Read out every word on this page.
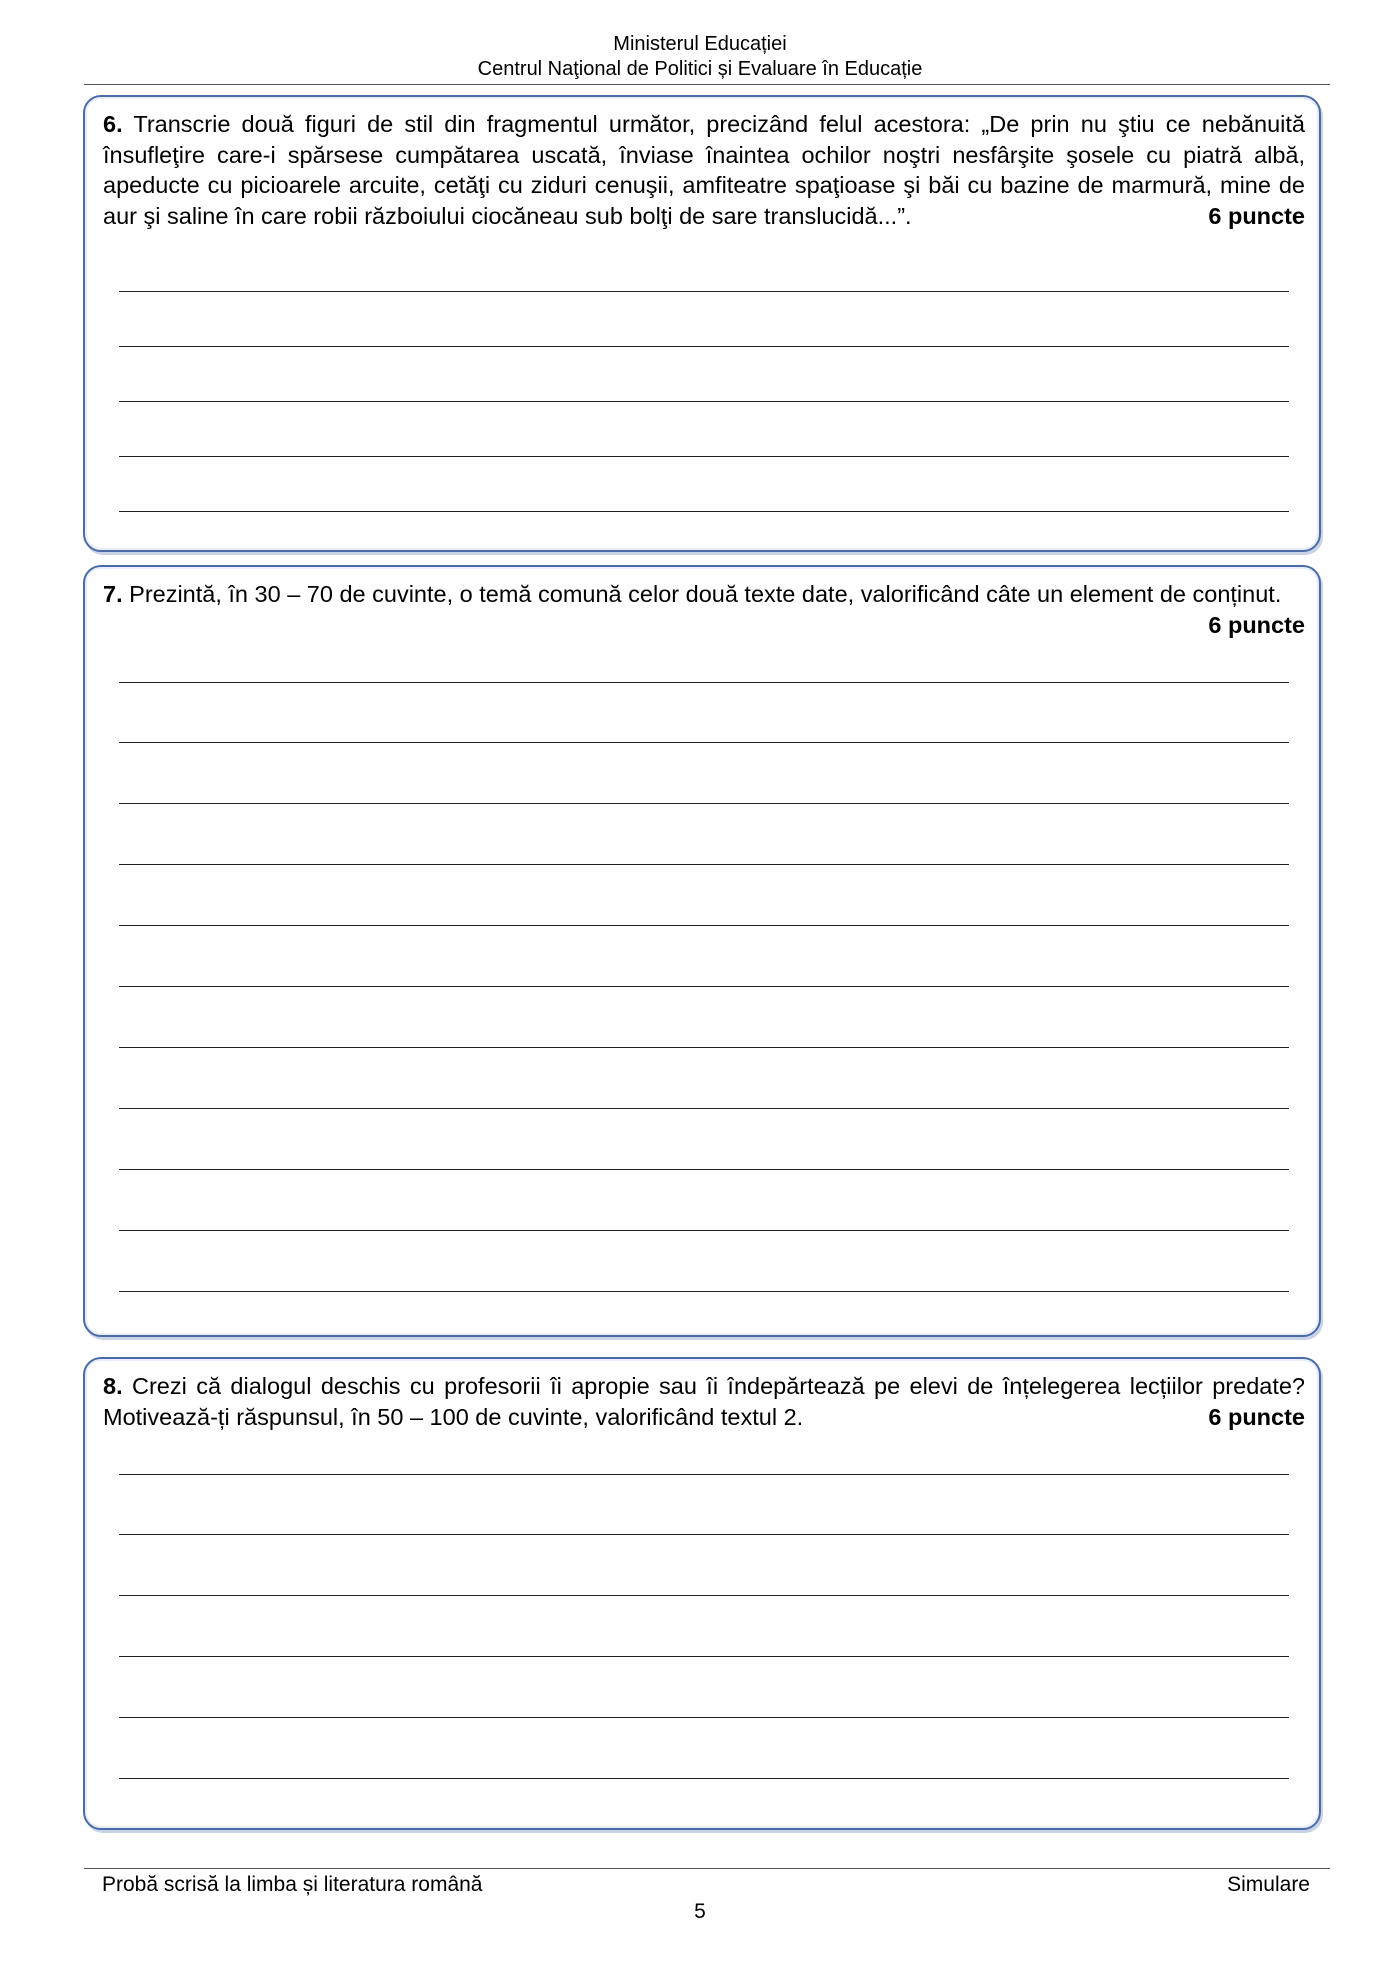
Ministerul Educației
Centrul Naţional de Politici și Evaluare în Educație
6. Transcrie două figuri de stil din fragmentul următor, precizând felul acestora: „De prin nu ştiu ce nebănuită însufleţire care-i spărsese cumpătarea uscată, înviase înaintea ochilor noştri nesfârşite şosele cu piatră albă, apeducte cu picioarele arcuite, cetăţi cu ziduri cenuşii, amfiteatre spaţioase şi băi cu bazine de marmură, mine de aur şi saline în care robii războiului ciocăneau sub bolţi de sare translucidă...”.	6 puncte
7. Prezintă, în 30 – 70 de cuvinte, o temă comună celor două texte date, valorificând câte un element de conținut.
6 puncte
8. Crezi că dialogul deschis cu profesorii îi apropie sau îi îndepărtează pe elevi de înțelegerea lecțiilor predate? Motivează-ți răspunsul, în 50 – 100 de cuvinte, valorificând textul 2.	6 puncte
Probă scrisă la limba și literatura română	Simulare
5
